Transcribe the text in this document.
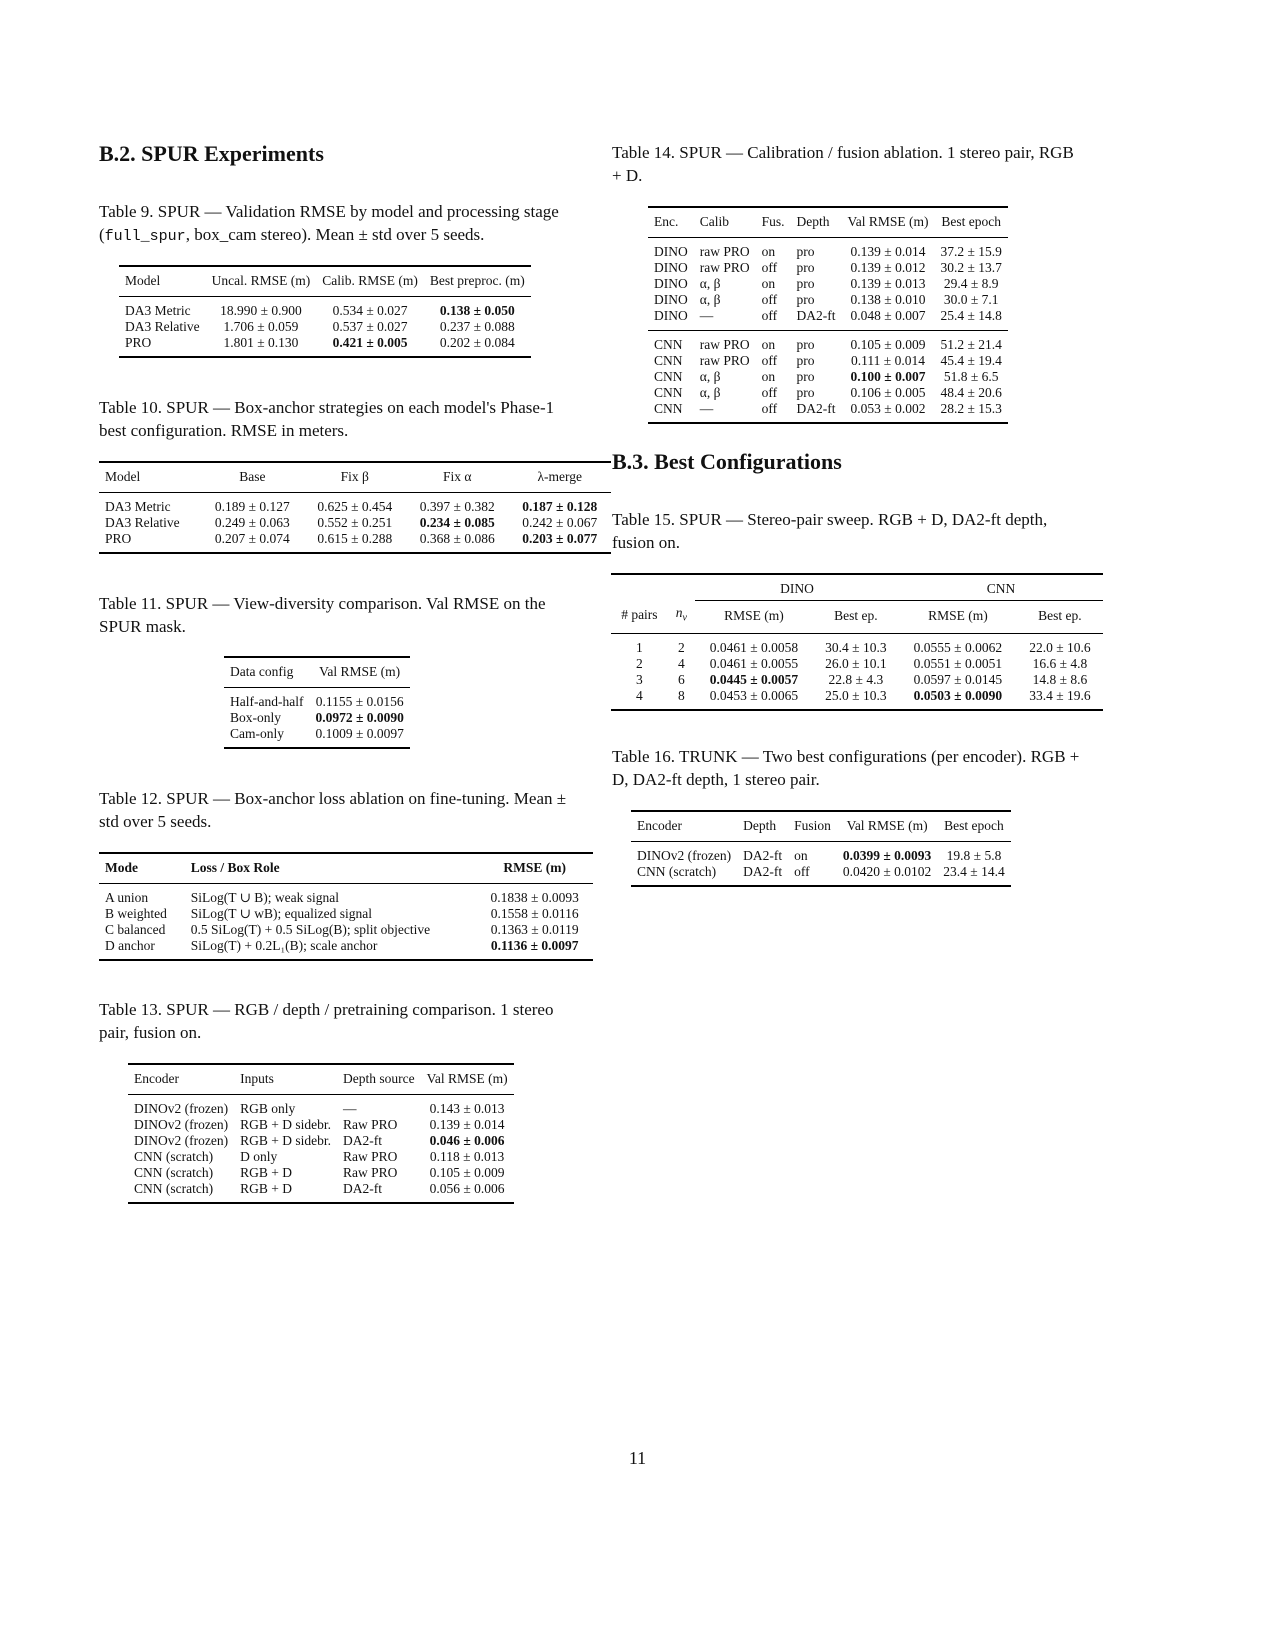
B.2. SPUR Experiments
Table 9. SPUR — Validation RMSE by model and processing stage (full_spur, box_cam stereo). Mean ± std over 5 seeds.
Model	Uncal. RMSE (m)	Calib. RMSE (m)	Best preproc. (m)
DA3 Metric	18.990 ± 0.900	0.534 ± 0.027	0.138 ± 0.050
DA3 Relative	1.706 ± 0.059	0.537 ± 0.027	0.237 ± 0.088
PRO	1.801 ± 0.130	0.421 ± 0.005	0.202 ± 0.084
Table 10. SPUR — Box-anchor strategies on each model's Phase-1 best configuration. RMSE in meters.
Model	Base	Fix β	Fix α	λ-merge
DA3 Metric	0.189 ± 0.127	0.625 ± 0.454	0.397 ± 0.382	0.187 ± 0.128
DA3 Relative	0.249 ± 0.063	0.552 ± 0.251	0.234 ± 0.085	0.242 ± 0.067
PRO	0.207 ± 0.074	0.615 ± 0.288	0.368 ± 0.086	0.203 ± 0.077
Table 11. SPUR — View-diversity comparison. Val RMSE on the SPUR mask.
Data config	Val RMSE (m)
Half-and-half	0.1155 ± 0.0156
Box-only	0.0972 ± 0.0090
Cam-only	0.1009 ± 0.0097
Table 12. SPUR — Box-anchor loss ablation on fine-tuning. Mean ± std over 5 seeds.
Mode	Loss / Box Role	RMSE (m)
A union	SiLog(T ∪ B); weak signal	0.1838 ± 0.0093
B weighted	SiLog(T ∪ wB); equalized signal	0.1558 ± 0.0116
C balanced	0.5 SiLog(T) + 0.5 SiLog(B); split objective	0.1363 ± 0.0119
D anchor	SiLog(T) + 0.2L₁(B); scale anchor	0.1136 ± 0.0097
Table 13. SPUR — RGB / depth / pretraining comparison. 1 stereo pair, fusion on.
Encoder	Inputs	Depth source	Val RMSE (m)
DINOv2 (frozen)	RGB only	—	0.143 ± 0.013
DINOv2 (frozen)	RGB + D sidebr.	Raw PRO	0.139 ± 0.014
DINOv2 (frozen)	RGB + D sidebr.	DA2-ft	0.046 ± 0.006
CNN (scratch)	D only	Raw PRO	0.118 ± 0.013
CNN (scratch)	RGB + D	Raw PRO	0.105 ± 0.009
CNN (scratch)	RGB + D	DA2-ft	0.056 ± 0.006
Table 14. SPUR — Calibration / fusion ablation. 1 stereo pair, RGB + D.
Enc.	Calib	Fus.	Depth	Val RMSE (m)	Best epoch
DINO	raw PRO	on	pro	0.139 ± 0.014	37.2 ± 15.9
DINO	raw PRO	off	pro	0.139 ± 0.012	30.2 ± 13.7
DINO	α, β	on	pro	0.139 ± 0.013	29.4 ± 8.9
DINO	α, β	off	pro	0.138 ± 0.010	30.0 ± 7.1
DINO	—	off	DA2-ft	0.048 ± 0.007	25.4 ± 14.8
CNN	raw PRO	on	pro	0.105 ± 0.009	51.2 ± 21.4
CNN	raw PRO	off	pro	0.111 ± 0.014	45.4 ± 19.4
CNN	α, β	on	pro	0.100 ± 0.007	51.8 ± 6.5
CNN	α, β	off	pro	0.106 ± 0.005	48.4 ± 20.6
CNN	—	off	DA2-ft	0.053 ± 0.002	28.2 ± 15.3
B.3. Best Configurations
Table 15. SPUR — Stereo-pair sweep. RGB + D, DA2-ft depth, fusion on.
		DINO		CNN	
# pairs	$n_v$	RMSE (m)	Best ep.	RMSE (m)	Best ep.
1	2	0.0461 ± 0.0058	30.4 ± 10.3	0.0555 ± 0.0062	22.0 ± 10.6
2	4	0.0461 ± 0.0055	26.0 ± 10.1	0.0551 ± 0.0051	16.6 ± 4.8
3	6	0.0445 ± 0.0057	22.8 ± 4.3	0.0597 ± 0.0145	14.8 ± 8.6
4	8	0.0453 ± 0.0065	25.0 ± 10.3	0.0503 ± 0.0090	33.4 ± 19.6
Table 16. TRUNK — Two best configurations (per encoder). RGB + D, DA2-ft depth, 1 stereo pair.
Encoder	Depth	Fusion	Val RMSE (m)	Best epoch
DINOv2 (frozen)	DA2-ft	on	0.0399 ± 0.0093	19.8 ± 5.8
CNN (scratch)	DA2-ft	off	0.0420 ± 0.0102	23.4 ± 14.4
11
